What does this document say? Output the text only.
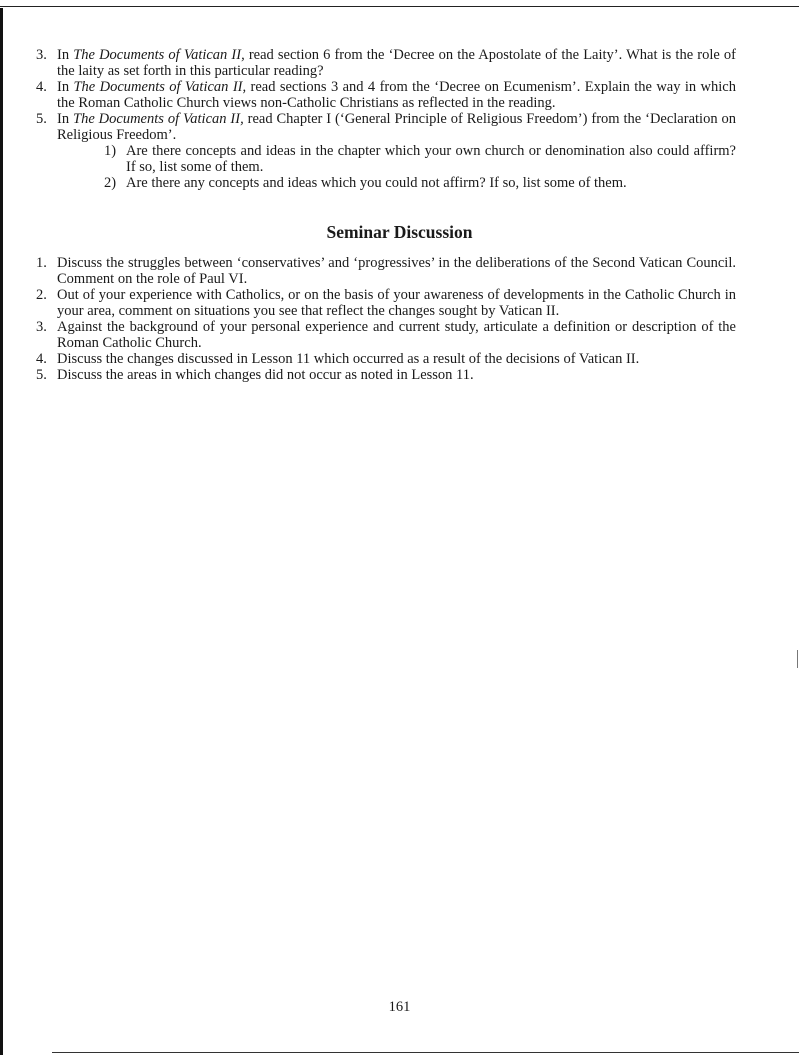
3. In The Documents of Vatican II, read section 6 from the ‘Decree on the Apostolate of the Laity’. What is the role of the laity as set forth in this particular reading?
4. In The Documents of Vatican II, read sections 3 and 4 from the ‘Decree on Ecumenism’. Explain the way in which the Roman Catholic Church views non-Catholic Christians as reflected in the reading.
5. In The Documents of Vatican II, read Chapter I (‘General Principle of Religious Freedom’) from the ‘Declaration on Religious Freedom’.
1) Are there concepts and ideas in the chapter which your own church or denomination also could affirm? If so, list some of them.
2) Are there any concepts and ideas which you could not affirm? If so, list some of them.
Seminar Discussion
1. Discuss the struggles between ‘conservatives’ and ‘progressives’ in the deliberations of the Second Vatican Council. Comment on the role of Paul VI.
2. Out of your experience with Catholics, or on the basis of your awareness of developments in the Catholic Church in your area, comment on situations you see that reflect the changes sought by Vatican II.
3. Against the background of your personal experience and current study, articulate a definition or description of the Roman Catholic Church.
4. Discuss the changes discussed in Lesson 11 which occurred as a result of the decisions of Vatican II.
5. Discuss the areas in which changes did not occur as noted in Lesson 11.
161
